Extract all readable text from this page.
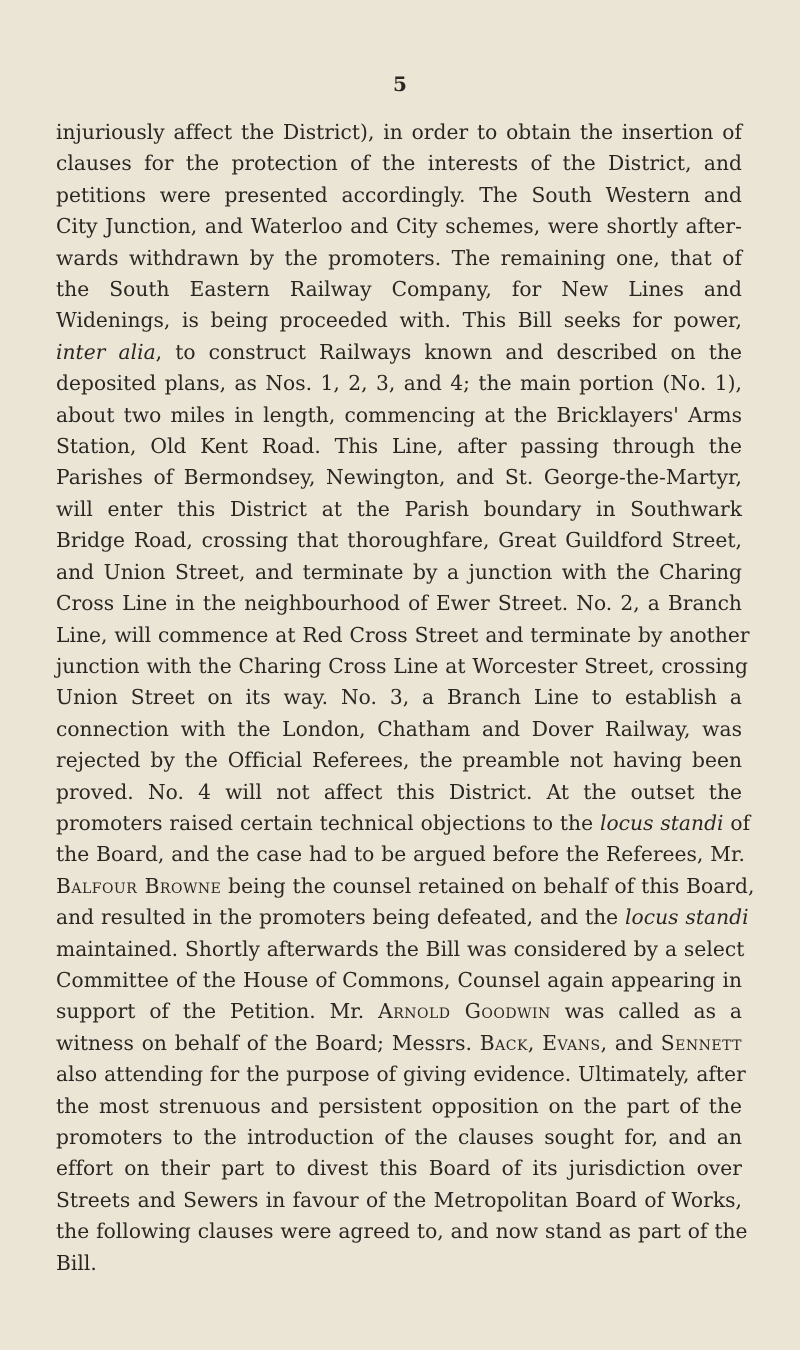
5
injuriously affect the District), in order to obtain the insertion of
clauses for the protection of the interests of the District, and
petitions were presented accordingly. The South Western and
City Junction, and Waterloo and City schemes, were shortly after-
wards withdrawn by the promoters. The remaining one, that of
the South Eastern Railway Company, for New Lines and
Widenings, is being proceeded with. This Bill seeks for power,
inter alia, to construct Railways known and described on the
deposited plans, as Nos. 1, 2, 3, and 4; the main portion (No. 1),
about two miles in length, commencing at the Bricklayers' Arms
Station, Old Kent Road. This Line, after passing through the
Parishes of Bermondsey, Newington, and St. George-the-Martyr,
will enter this District at the Parish boundary in Southwark
Bridge Road, crossing that thoroughfare, Great Guildford Street,
and Union Street, and terminate by a junction with the Charing
Cross Line in the neighbourhood of Ewer Street. No. 2, a Branch
Line, will commence at Red Cross Street and terminate by another
junction with the Charing Cross Line at Worcester Street, crossing
Union Street on its way. No. 3, a Branch Line to establish a
connection with the London, Chatham and Dover Railway, was
rejected by the Official Referees, the preamble not having been
proved. No. 4 will not affect this District. At the outset the
promoters raised certain technical objections to the locus standi of
the Board, and the case had to be argued before the Referees, Mr.
Balfour Browne being the counsel retained on behalf of this Board,
and resulted in the promoters being defeated, and the locus standi
maintained. Shortly afterwards the Bill was considered by a select
Committee of the House of Commons, Counsel again appearing in
support of the Petition. Mr. Arnold Goodwin was called as a
witness on behalf of the Board; Messrs. Back, Evans, and Sennett
also attending for the purpose of giving evidence. Ultimately, after
the most strenuous and persistent opposition on the part of the
promoters to the introduction of the clauses sought for, and an
effort on their part to divest this Board of its jurisdiction over
Streets and Sewers in favour of the Metropolitan Board of Works,
the following clauses were agreed to, and now stand as part of the
Bill.
